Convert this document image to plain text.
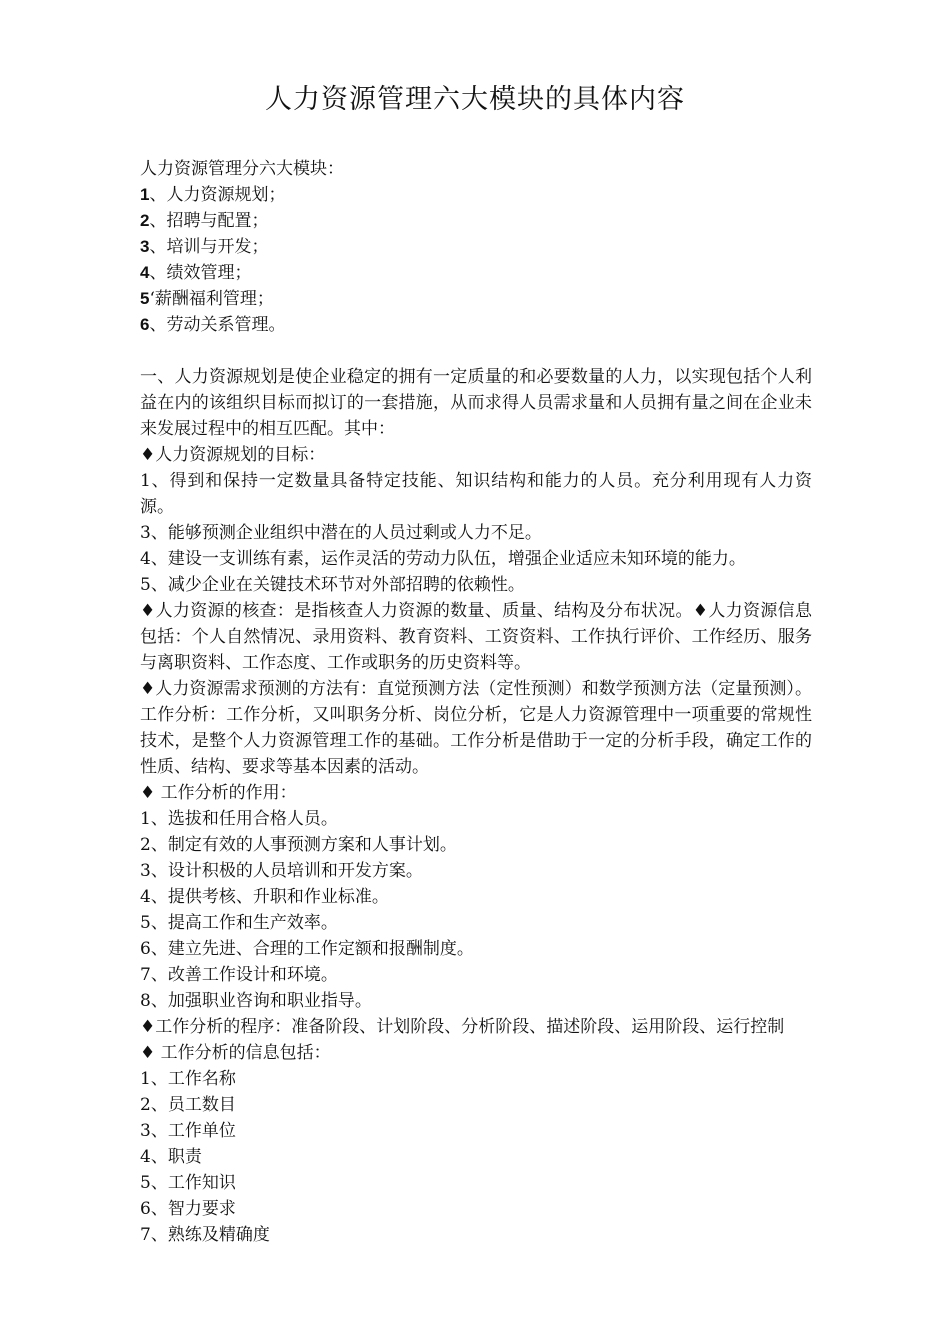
人力资源管理六大模块的具体内容

人力资源管理分六大模块：

1、人力资源规划；

2、招聘与配置；

3、培训与开发；

4、绩效管理；

5‘薪酬福利管理；

6、劳动关系管理。

一、人力资源规划是使企业稳定的拥有一定质量的和必要数量的人力，以实现包括个人利益在内的该组织目标而拟订的一套措施，从而求得人员需求量和人员拥有量之间在企业未来发展过程中的相互匹配。其中：

♦人力资源规划的目标：

1、得到和保持一定数量具备特定技能、知识结构和能力的人员。充分利用现有人力资源。

3、能够预测企业组织中潜在的人员过剩或人力不足。

4、建设一支训练有素，运作灵活的劳动力队伍，增强企业适应未知环境的能力。

5、减少企业在关键技术环节对外部招聘的依赖性。

♦人力资源的核查：是指核查人力资源的数量、质量、结构及分布状况。♦人力资源信息包括：个人自然情况、录用资料、教育资料、工资资料、工作执行评价、工作经历、服务与离职资料、工作态度、工作或职务的历史资料等。

♦人力资源需求预测的方法有：直觉预测方法（定性预测）和数学预测方法（定量预测）。工作分析：工作分析，又叫职务分析、岗位分析，它是人力资源管理中一项重要的常规性技术，是整个人力资源管理工作的基础。工作分析是借助于一定的分析手段，确定工作的性质、结构、要求等基本因素的活动。

♦ 工作分析的作用：

1、选拔和任用合格人员。

2、制定有效的人事预测方案和人事计划。

3、设计积极的人员培训和开发方案。

4、提供考核、升职和作业标准。

5、提高工作和生产效率。

6、建立先进、合理的工作定额和报酬制度。

7、改善工作设计和环境。

8、加强职业咨询和职业指导。

♦工作分析的程序：准备阶段、计划阶段、分析阶段、描述阶段、运用阶段、运行控制

♦ 工作分析的信息包括：

1、工作名称

2、员工数目

3、工作单位

4、职责

5、工作知识

6、智力要求

7、熟练及精确度
